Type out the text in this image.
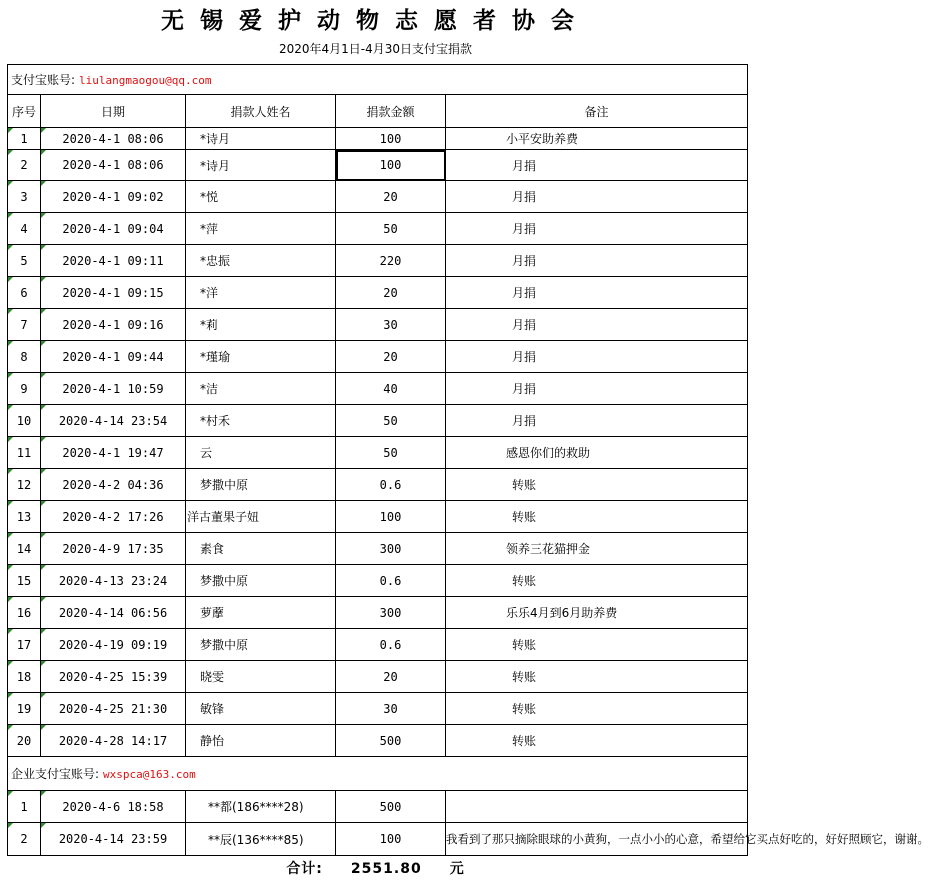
无锡爱护动物志愿者协会
2020年4月1日-4月30日支付宝捐款
支付宝账号: liulangmaogou@qq.com				
序号	日期	捐款人姓名	捐款金额	备注
1	2020-4-1 08:06	*诗月	100	小平安助养费
2	2020-4-1 08:06	*诗月	100	月捐
3	2020-4-1 09:02	*悦	20	月捐
4	2020-4-1 09:04	*萍	50	月捐
5	2020-4-1 09:11	*忠振	220	月捐
6	2020-4-1 09:15	*洋	20	月捐
7	2020-4-1 09:16	*莉	30	月捐
8	2020-4-1 09:44	*瑾瑜	20	月捐
9	2020-4-1 10:59	*洁	40	月捐
10	2020-4-14 23:54	*村禾	50	月捐
11	2020-4-1 19:47	云	50	感恩你们的救助
12	2020-4-2 04:36	梦撒中原	0.6	转账
13	2020-4-2 17:26	洋古董果子妞	100	转账
14	2020-4-9 17:35	素食	300	领养三花猫押金
15	2020-4-13 23:24	梦撒中原	0.6	转账
16	2020-4-14 06:56	萝藦	300	乐乐4月到6月助养费
17	2020-4-19 09:19	梦撒中原	0.6	转账
18	2020-4-25 15:39	晓雯	20	转账
19	2020-4-25 21:30	敏锋	30	转账
20	2020-4-28 14:17	静怡	500	转账
企业支付宝账号: wxspca@163.com				
1	2020-4-6 18:58	**都(186****28)	500	
2	2020-4-14 23:59	**辰(136****85)	100	我看到了那只摘除眼球的小黄狗，一点小小的心意，希望给它买点好吃的，好好照顾它，谢谢。
合计: 2551.80 元
